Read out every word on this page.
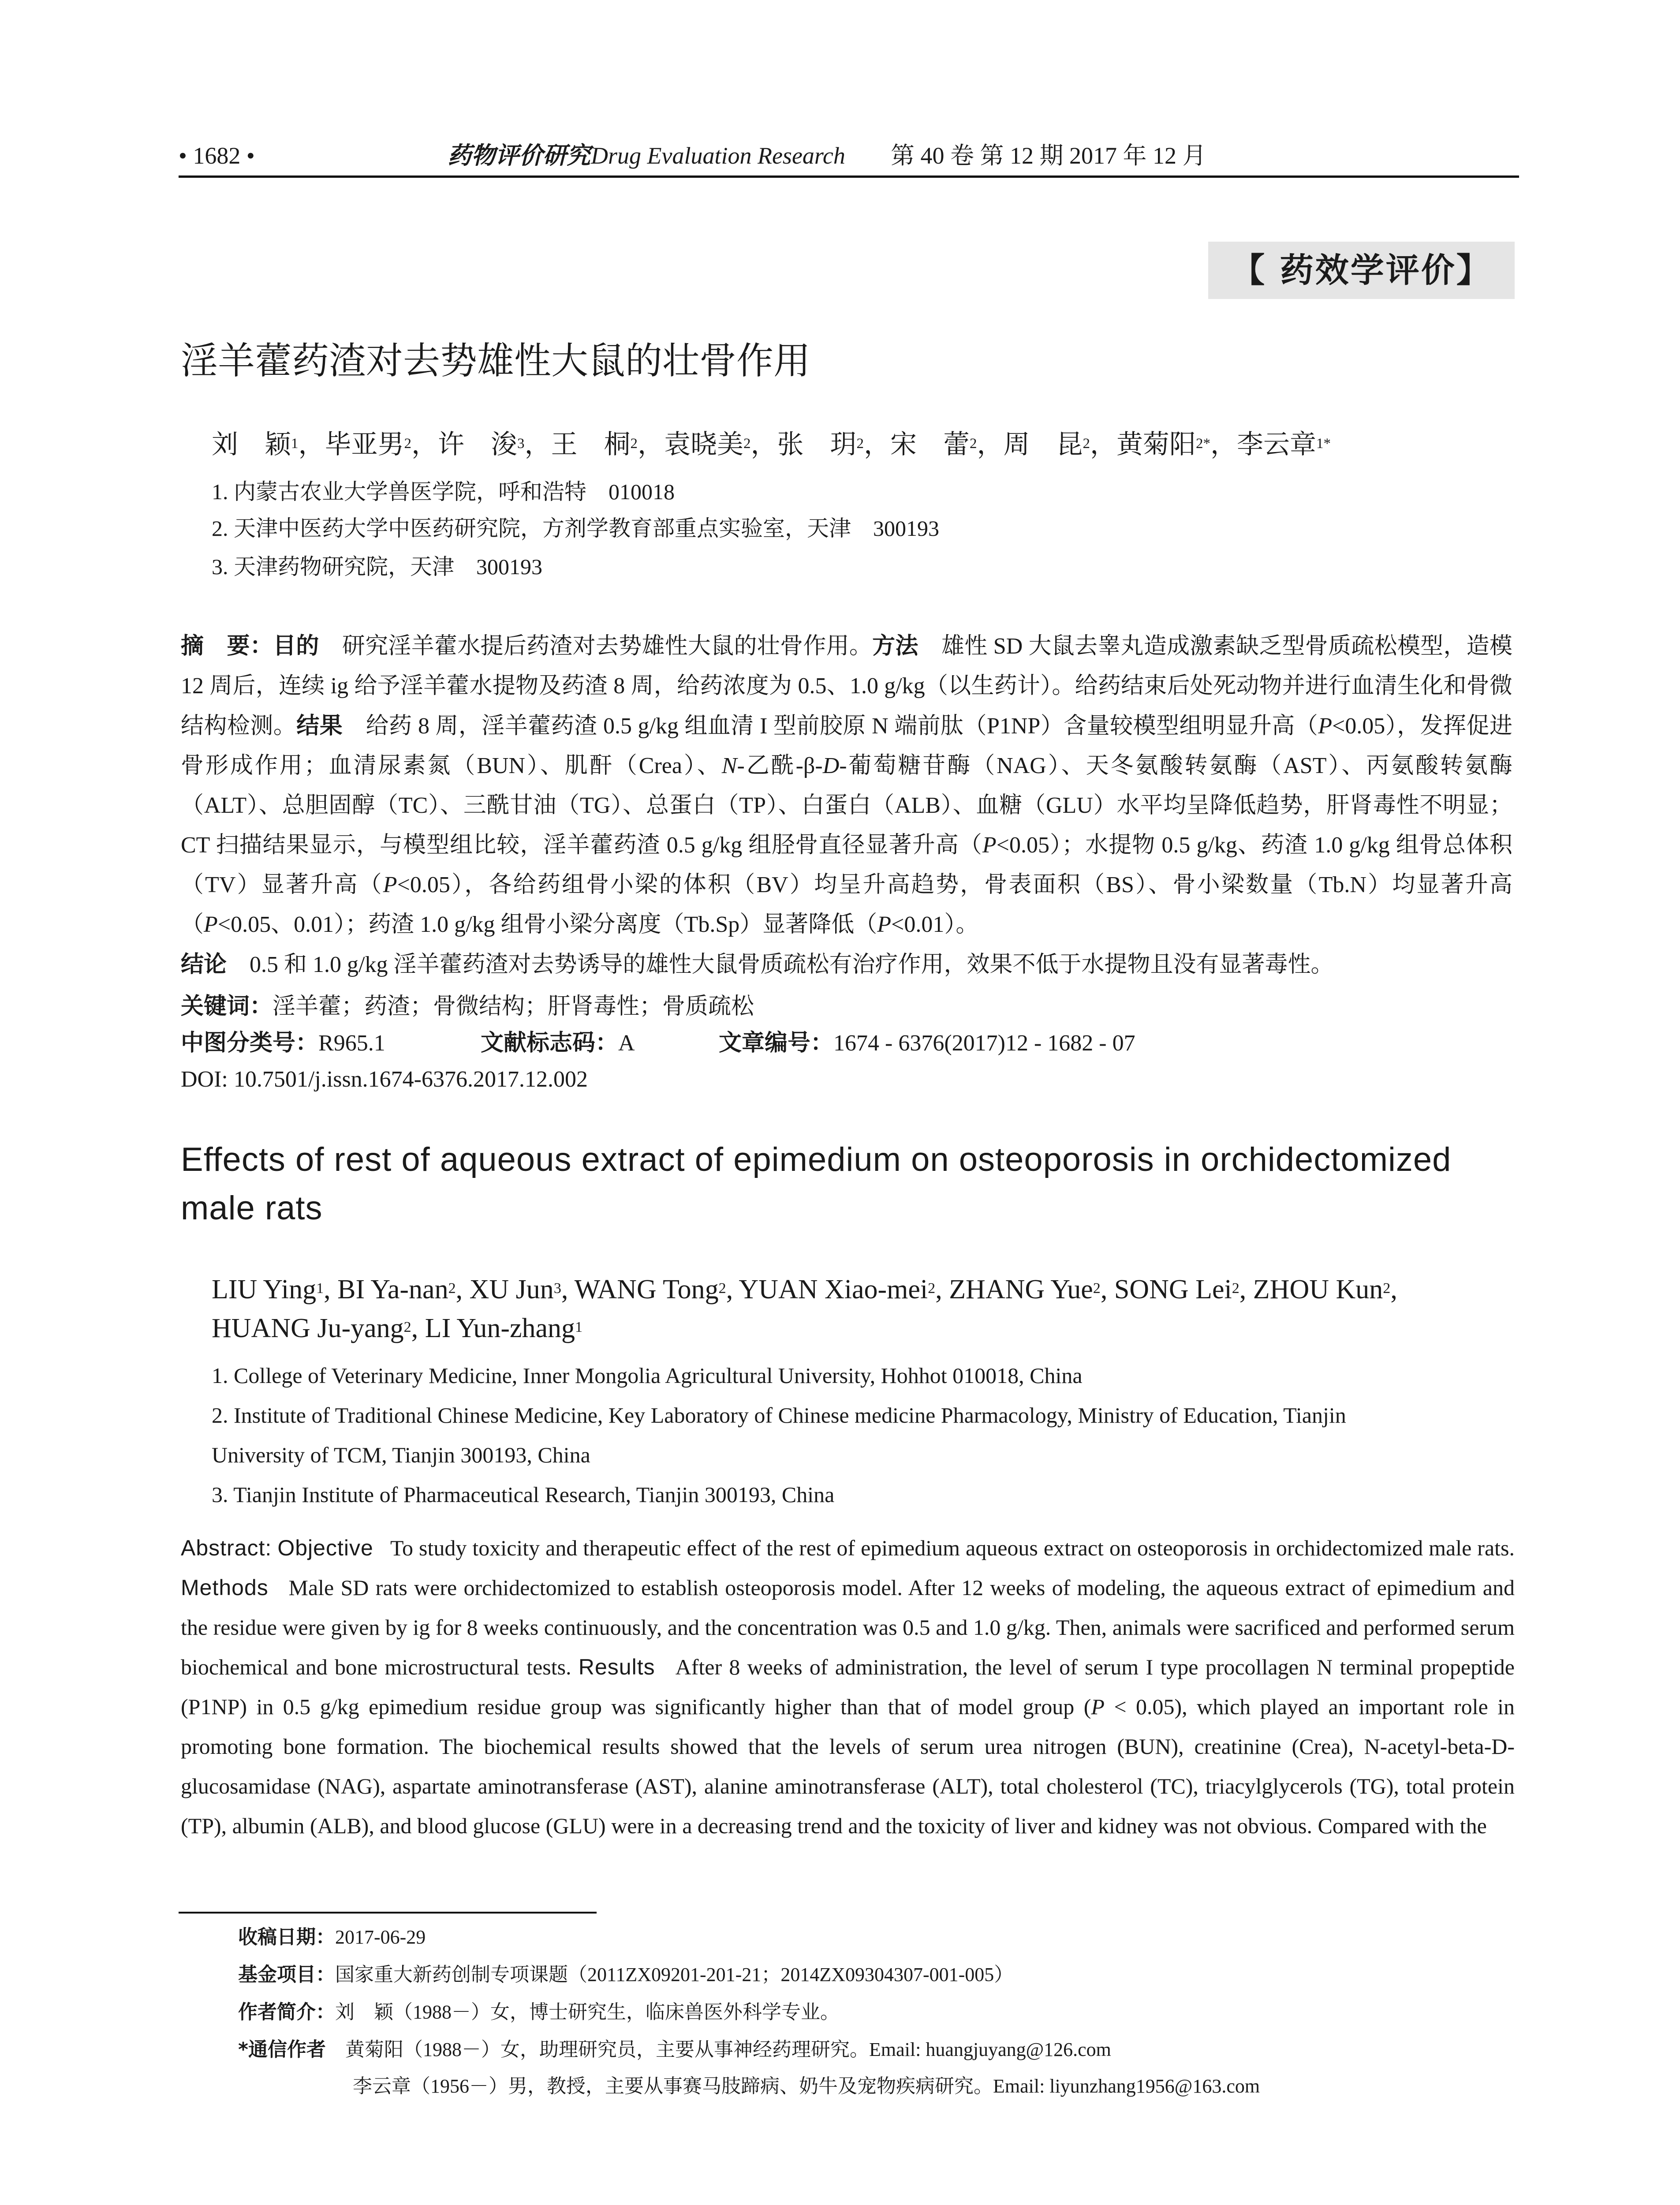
• 1682 •	药物评价研究 Drug Evaluation Research 第 40 卷 第 12 期 2017 年 12 月
【 药效学评价】
淫羊藿药渣对去势雄性大鼠的壮骨作用
刘　颖$^1$，毕亚男$^2$，许　浚$^3$，王　桐$^2$，袁晓美$^2$，张　玥$^2$，宋　蕾$^2$，周　昆$^2$，黄菊阳$^{2*}$，李云章$^{1*}$
1. 内蒙古农业大学兽医学院，呼和浩特　010018
2. 天津中医药大学中医药研究院，方剂学教育部重点实验室，天津　300193
3. 天津药物研究院，天津　300193

摘　要：目的　 研究淫羊藿水提后药渣对去势雄性大鼠的壮骨作用。方法　 雄性 SD 大鼠去睾丸造成激素缺乏型骨质疏松模型，造模 12 周后，连续 ig 给予淫羊藿水提物及药渣 8 周，给药浓度为 0.5、1.0 g/kg（以生药计）。给药结束后处死动物并进行血清生化和骨微结构检测。结果　 给药 8 周，淫羊藿药渣 0.5 g/kg 组血清 I 型前胶原 N 端前肽（P1NP）含量较模型组明显升高（P<0.05），发挥促进骨形成作用；血清尿素氮（BUN）、肌酐（Crea）、N-乙酰-β-D-葡萄糖苷酶（NAG）、天冬氨酸转氨酶（AST）、丙氨酸转氨酶（ALT）、总胆固醇（TC）、三酰甘油（TG）、总蛋白（TP）、白蛋白（ALB）、血糖（GLU）水平均呈降低趋势，肝肾毒性不明显；CT 扫描结果显示，与模型组比较，淫羊藿药渣 0.5 g/kg 组胫骨直径显著升高（P<0.05）；水提物 0.5 g/kg、药渣 1.0 g/kg 组骨总体积（TV）显著升高（P<0.05），各给药组骨小梁的体积（BV）均呈升高趋势，骨表面积（BS）、骨小梁数量（Tb.N）均显著升高（P<0.05、0.01）；药渣 1.0 g/kg 组骨小梁分离度（Tb.Sp）显著降低（P<0.01）。

结论　 0.5 和 1.0 g/kg 淫羊藿药渣对去势诱导的雄性大鼠骨质疏松有治疗作用，效果不低于水提物且没有显著毒性。

关键词：淫羊藿；药渣；骨微结构；肝肾毒性；骨质疏松
中图分类号：R965.1	文献标志码：A	文章编号：1674 - 6376(2017)12 - 1682 - 07
DOI: 10.7501/j.issn.1674-6376.2017.12.002
Effects of rest of aqueous extract of epimedium on osteoporosis in orchidectomized male rats
LIU Ying$^1$, BI Ya-nan$^2$, XU Jun$^3$, WANG Tong$^2$, YUAN Xiao-mei$^2$, ZHANG Yue$^2$, SONG Lei$^2$, ZHOU Kun$^2$,
HUANG Ju-yang$^2$, LI Yun-zhang$^1$
1. College of Veterinary Medicine, Inner Mongolia Agricultural University, Hohhot 010018, China
2. Institute of Traditional Chinese Medicine, Key Laboratory of Chinese medicine Pharmacology, Ministry of Education, Tianjin
University of TCM, Tianjin 300193, China
3. Tianjin Institute of Pharmaceutical Research, Tianjin 300193, China

Abstract: Objective To study toxicity and therapeutic effect of the rest of epimedium aqueous extract on osteoporosis in orchidectomized male rats. Methods Male SD rats were orchidectomized to establish osteoporosis model. After 12 weeks of modeling, the aqueous extract of epimedium and the residue were given by ig for 8 weeks continuously, and the concentration was 0.5 and 1.0 g/kg. Then, animals were sacrificed and performed serum biochemical and bone microstructural tests. Results After 8 weeks of administration, the level of serum I type procollagen N terminal propeptide (P1NP) in 0.5 g/kg epimedium residue group was significantly higher than that of model group (P < 0.05), which played an important role in promoting bone formation. The biochemical results showed that the levels of serum urea nitrogen (BUN), creatinine (Crea), N-acetyl-beta-D-glucosamidase (NAG), aspartate aminotransferase (AST), alanine aminotransferase (ALT), total cholesterol (TC), triacylglycerols (TG), total protein (TP), albumin (ALB), and blood glucose (GLU) were in a decreasing trend and the toxicity of liver and kidney was not obvious. Compared with the

收稿日期：2017-06-29
基金项目：国家重大新药创制专项课题（2011ZX09201-201-21；2014ZX09304307-001-005）
作者简介：刘　颖（1988－）女，博士研究生，临床兽医外科学专业。
*通信作者　 黄菊阳（1988－）女，助理研究员，主要从事神经药理研究。Email: huangjuyang@126.com
李云章（1956－）男，教授，主要从事赛马肢蹄病、奶牛及宠物疾病研究。Email: liyunzhang1956@163.com
